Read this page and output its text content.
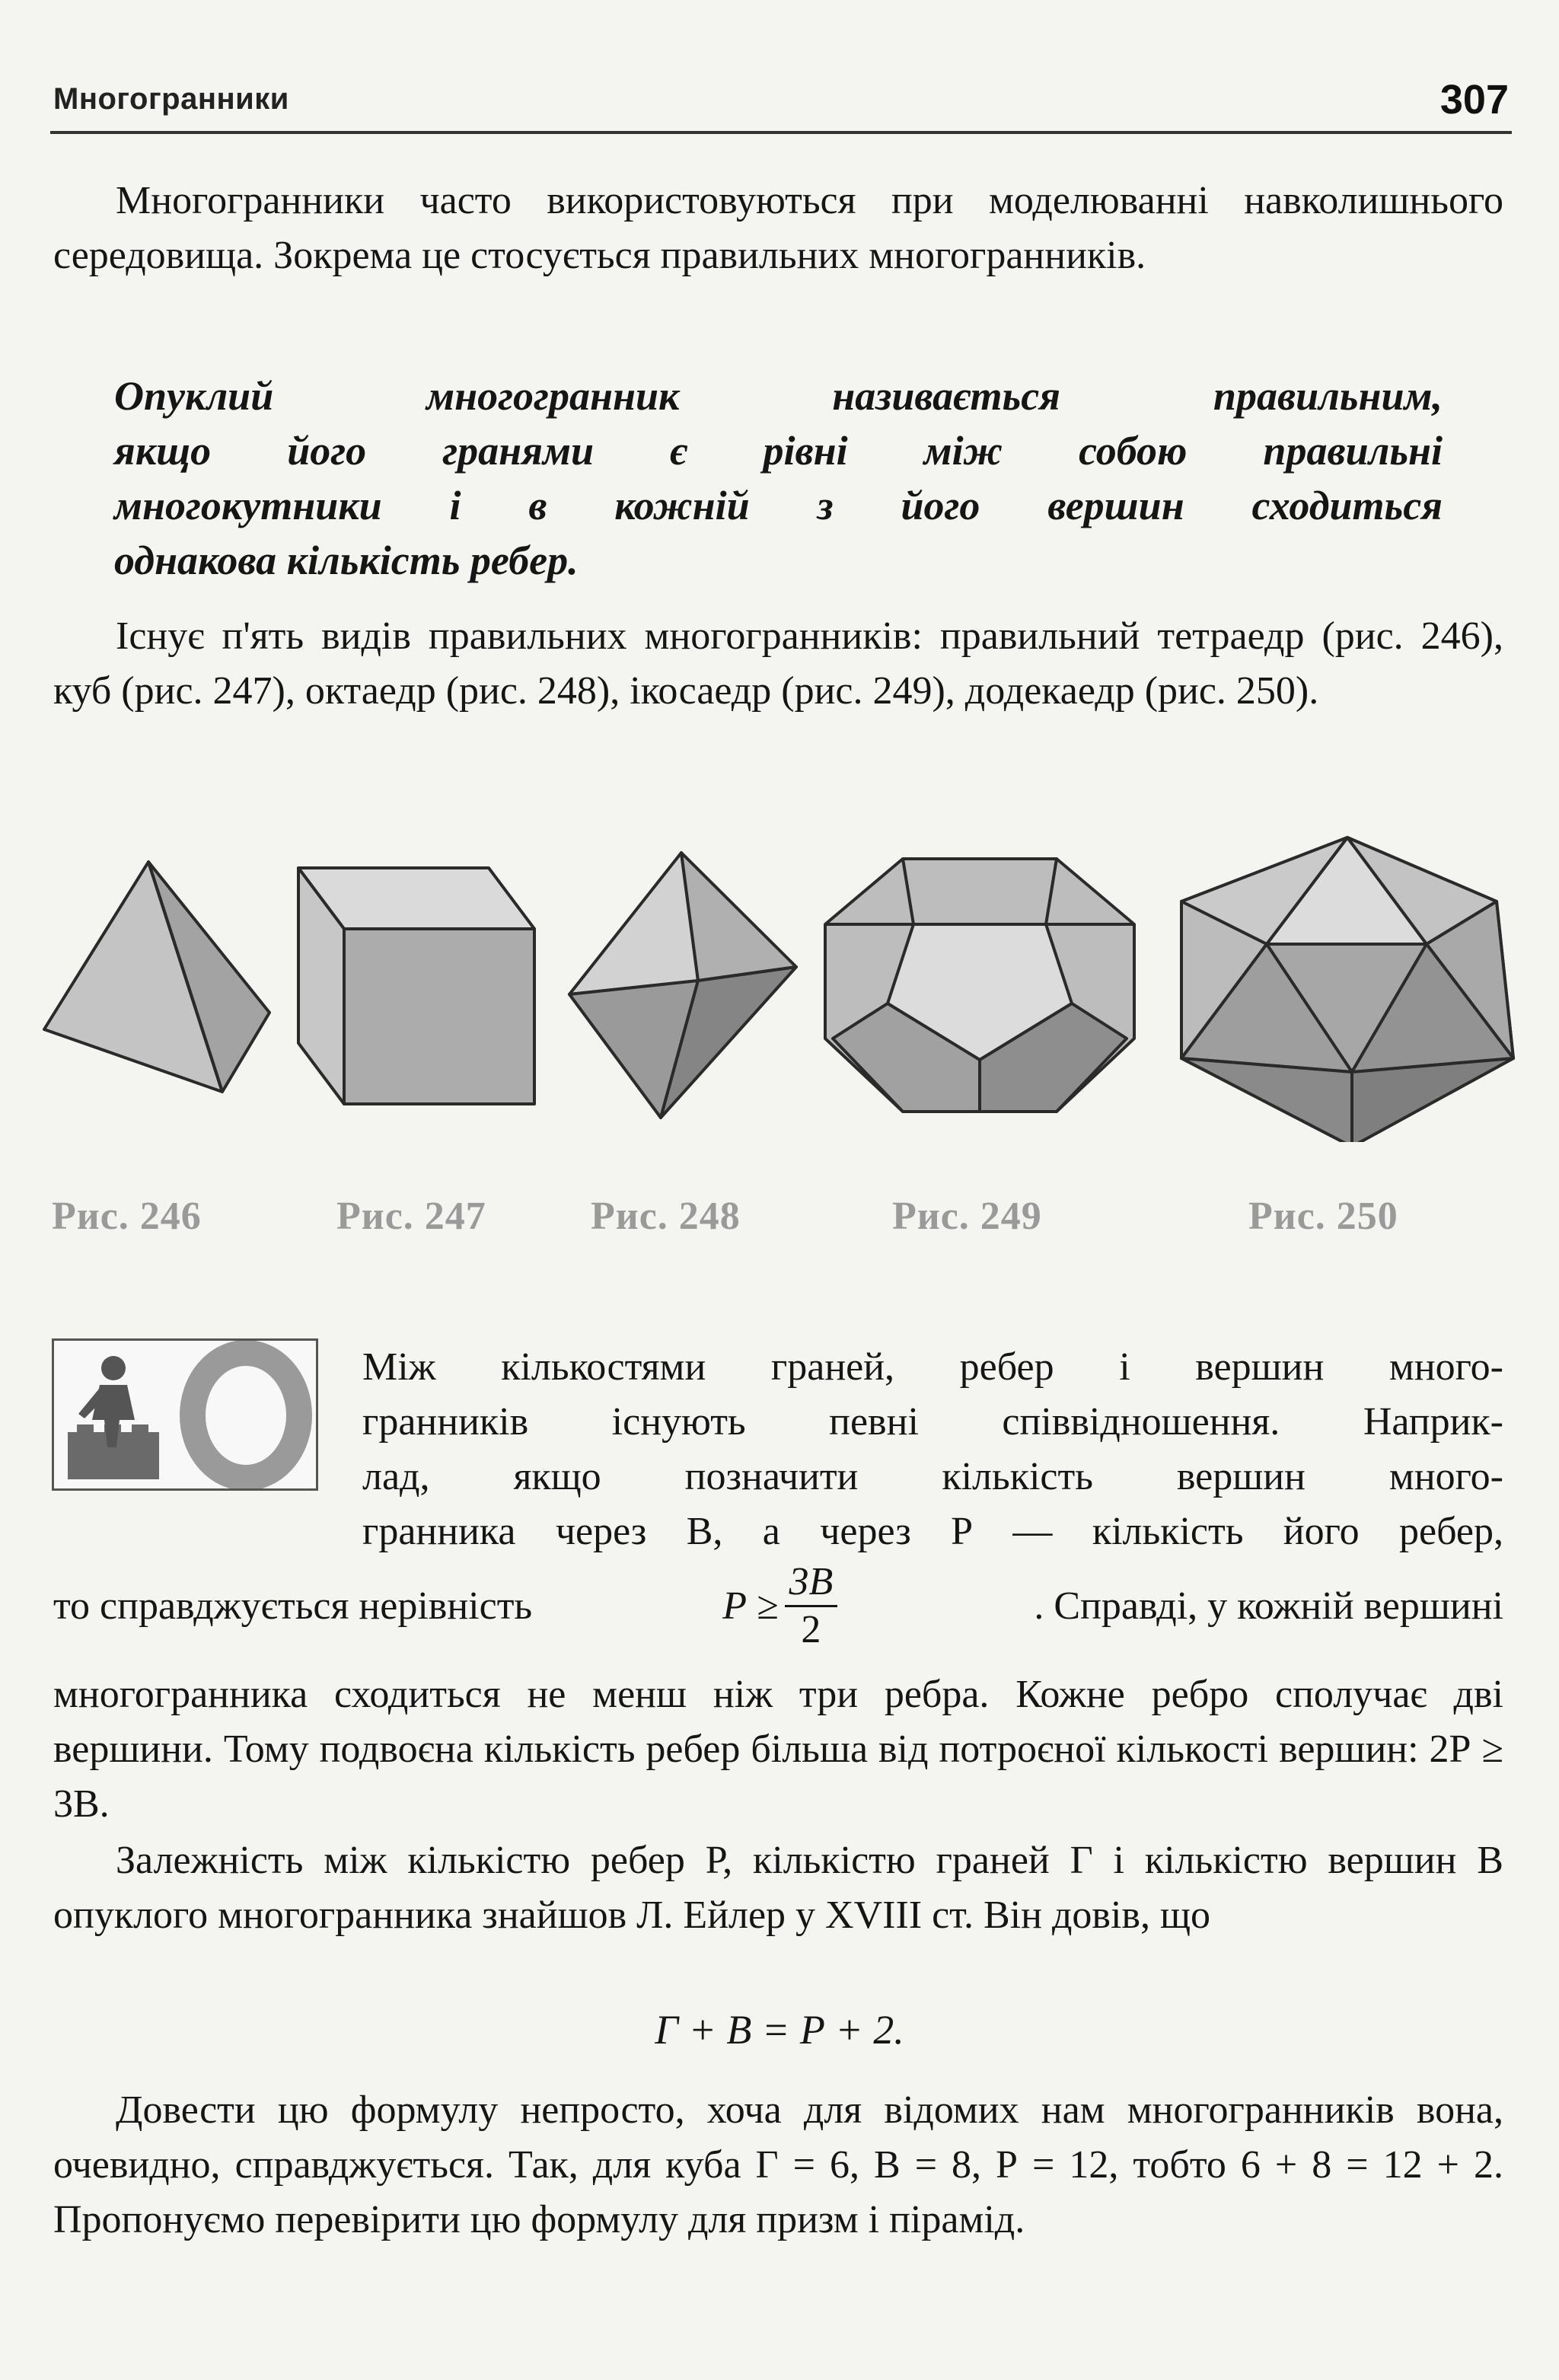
Многогранники	307

Многогранники часто використовуються при моделюванні навколишнього середовища. Зокрема це стосується правильних многогранників.

Опуклий многогранник називається правильним,

якщо його гранями є рівні між собою правильні

многокутники і в кожній з його вершин сходиться

однакова кількість ребер.

Існує п'ять видів правильних многогранників: правильний тетраедр (рис. 246), куб (рис. 247), октаедр (рис. 248), ікосаедр (рис. 249), додекаедр (рис. 250).

Рис. 246	Рис. 247	Рис. 248	Рис. 249	Рис. 250

Між кількостями граней, ребер і вершин много-

гранників існують певні співвідношення. Наприк-

лад, якщо позначити кількість вершин много-

гранника через В, а через Р — кількість його ребер,

то справджується нерівність	$Р \ge \frac{3В}{2}$	. Справді, у кожній вершині

многогранника сходиться не менш ніж три ребра. Кожне ребро сполучає дві вершини. Тому подвоєна кількість ребер більша від потроєної кількості вершин: 2Р ≥ 3В.

Залежність між кількістю ребер Р, кількістю граней Г і кількістю вершин В опуклого многогранника знайшов Л. Ейлер у XVIII ст. Він довів, що

Г + В = Р + 2.

Довести цю формулу непросто, хоча для відомих нам многогранників вона, очевидно, справджується. Так, для куба Г = 6, В = 8, Р = 12, тобто 6 + 8 = 12 + 2. Пропонуємо перевірити цю формулу для призм і пірамід.
